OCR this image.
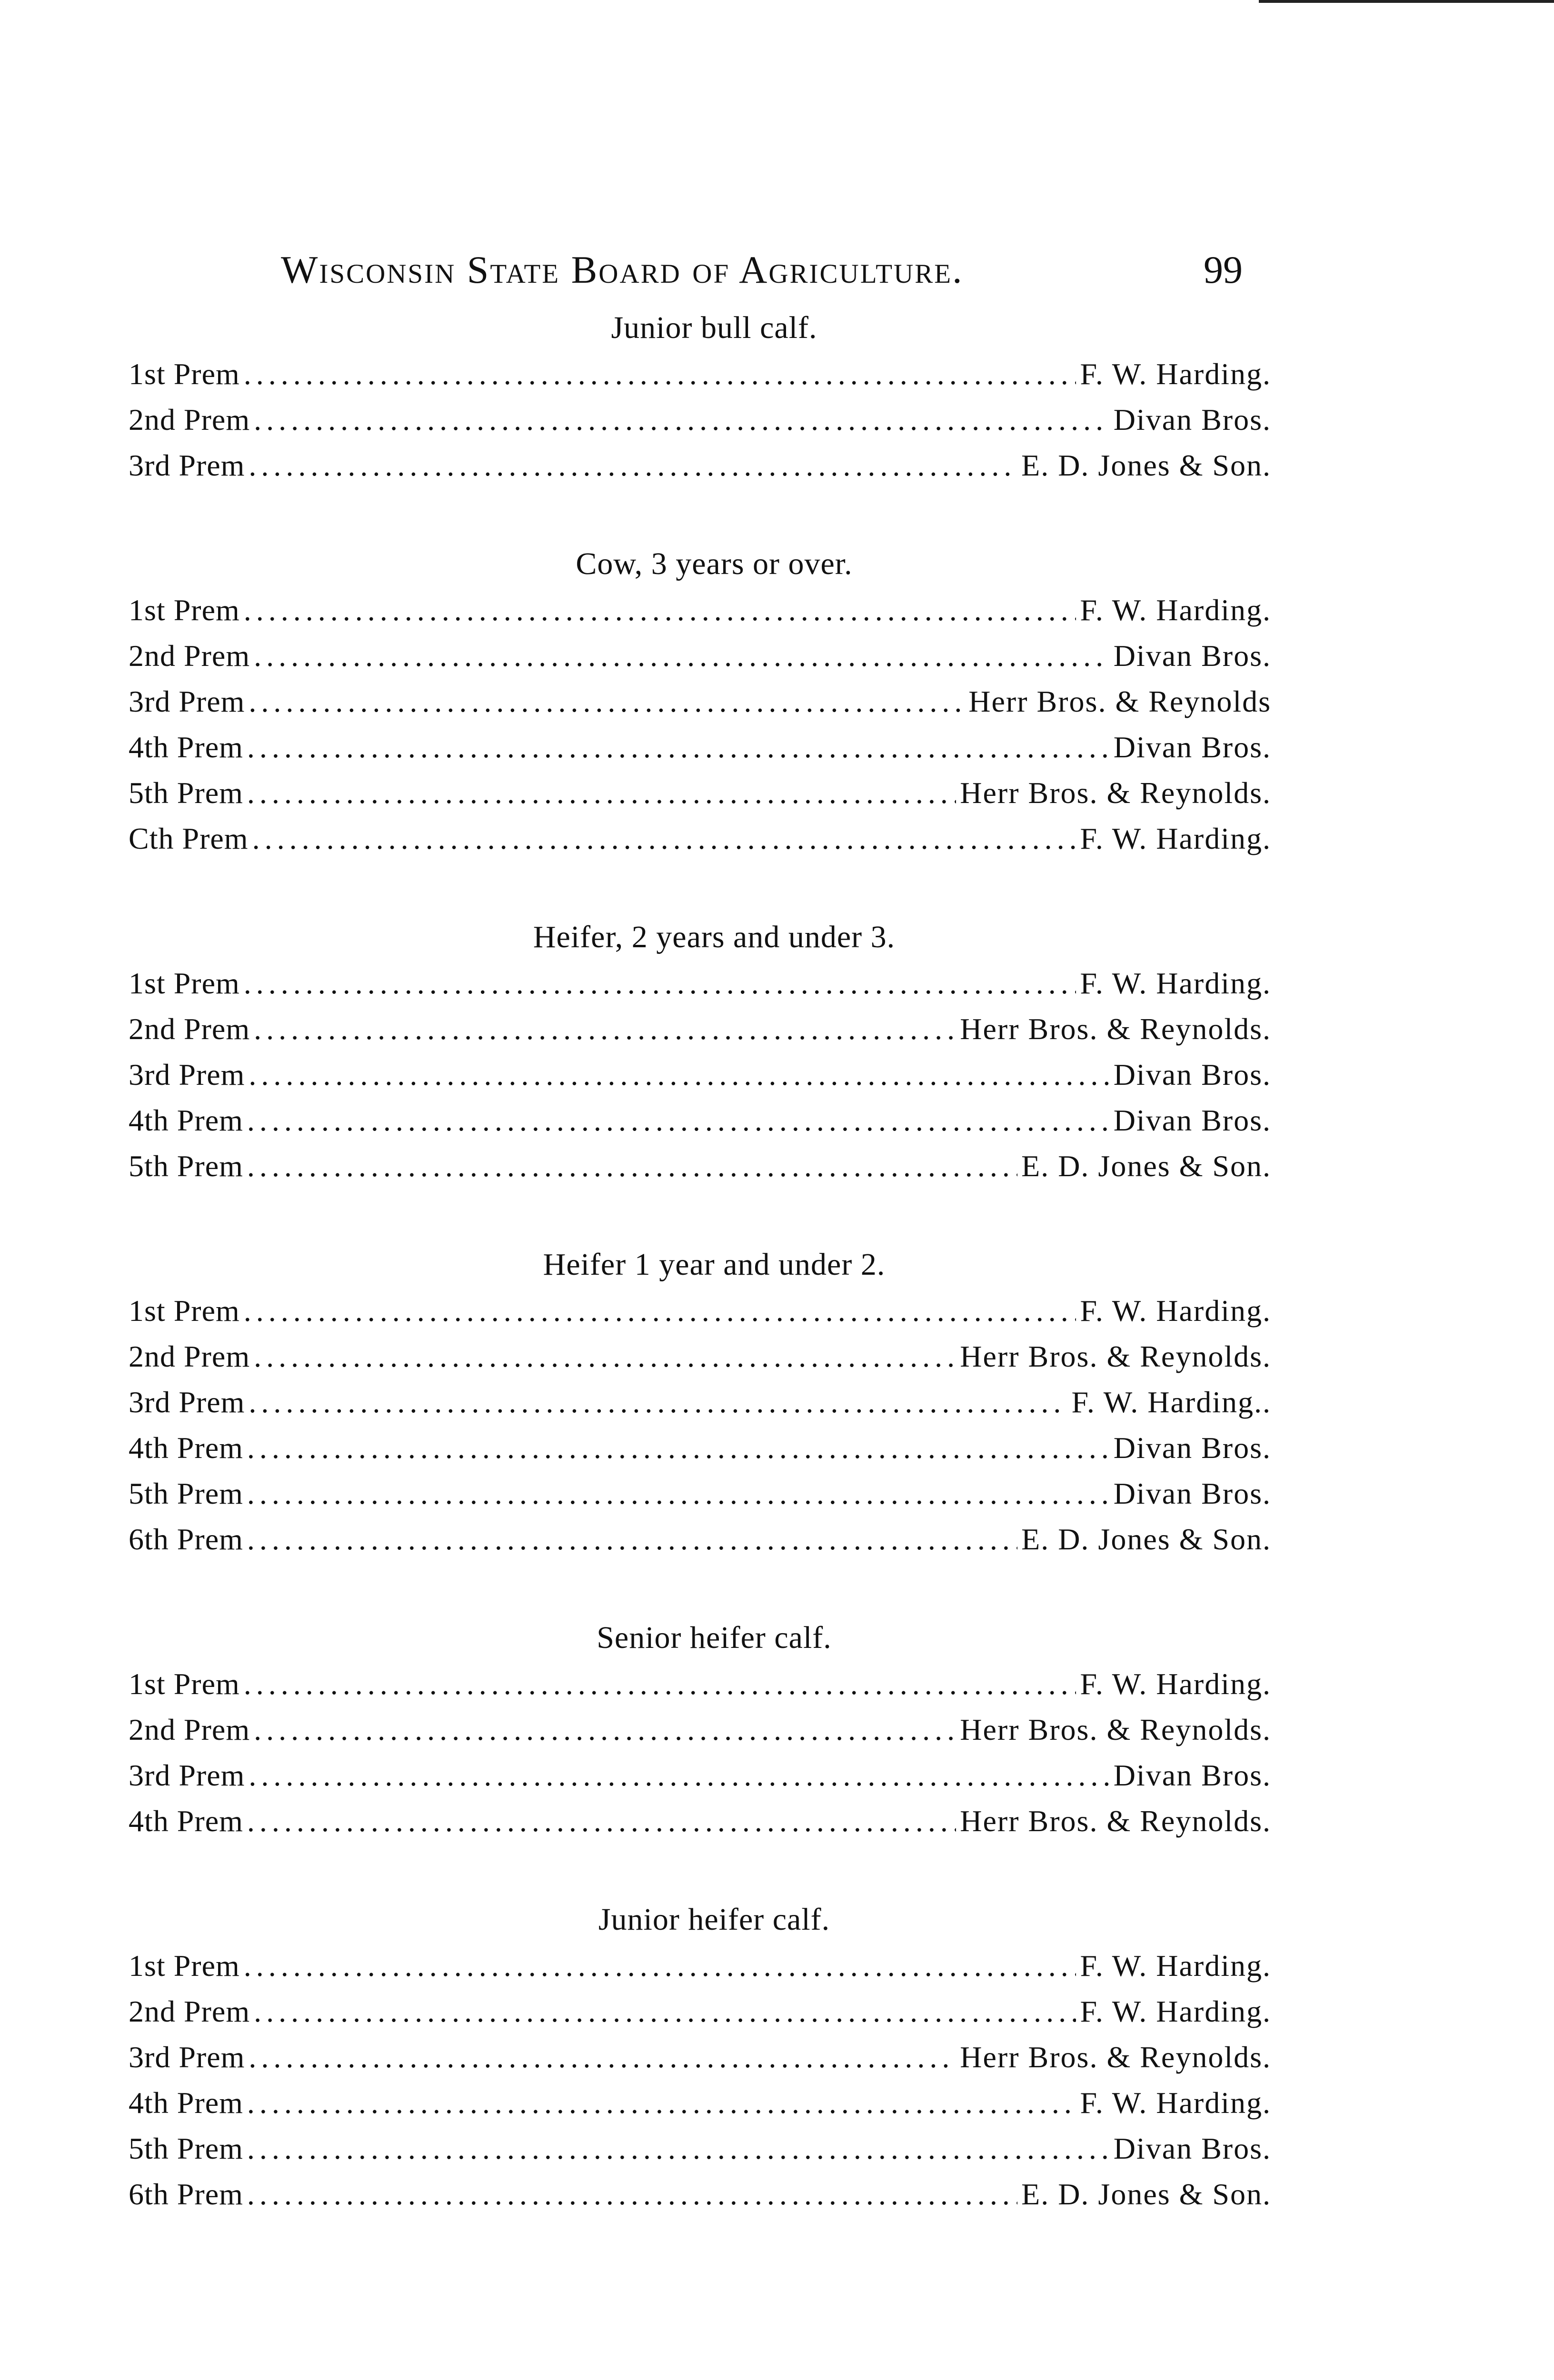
Wisconsin State Board of Agriculture.	99
Junior bull calf.
1st Prem .....	F. W. Harding.
2nd Prem .....	Divan Bros.
3rd Prem .....	E. D. Jones & Son.
Cow, 3 years or over.
1st Prem .....	F. W. Harding.
2nd Prem .....	Divan Bros.
3rd Prem .....	Herr Bros. & Reynolds
4th Prem .....	Divan Bros.
5th Prem .....	Herr Bros. & Reynolds.
Cth Prem .....	F. W. Harding.
Heifer, 2 years and under 3.
1st Prem .....	F. W. Harding.
2nd Prem .....	Herr Bros. & Reynolds.
3rd Prem .....	Divan Bros.
4th Prem .....	Divan Bros.
5th Prem .....	E. D. Jones & Son.
Heifer 1 year and under 2.
1st Prem .....	F. W. Harding.
2nd Prem .....	Herr Bros. & Reynolds.
3rd Prem .....	F. W. Harding..
4th Prem .....	Divan Bros.
5th Prem .....	Divan Bros.
6th Prem .....	E. D. Jones & Son.
Senior heifer calf.
1st Prem .....	F. W. Harding.
2nd Prem .....	Herr Bros. & Reynolds.
3rd Prem .....	Divan Bros.
4th Prem .....	Herr Bros. & Reynolds.
Junior heifer calf.
1st Prem .....	F. W. Harding.
2nd Prem .....	F. W. Harding.
3rd Prem .....	Herr Bros. & Reynolds.
4th Prem .....	F. W. Harding.
5th Prem .....	Divan Bros.
6th Prem .....	E. D. Jones & Son.
